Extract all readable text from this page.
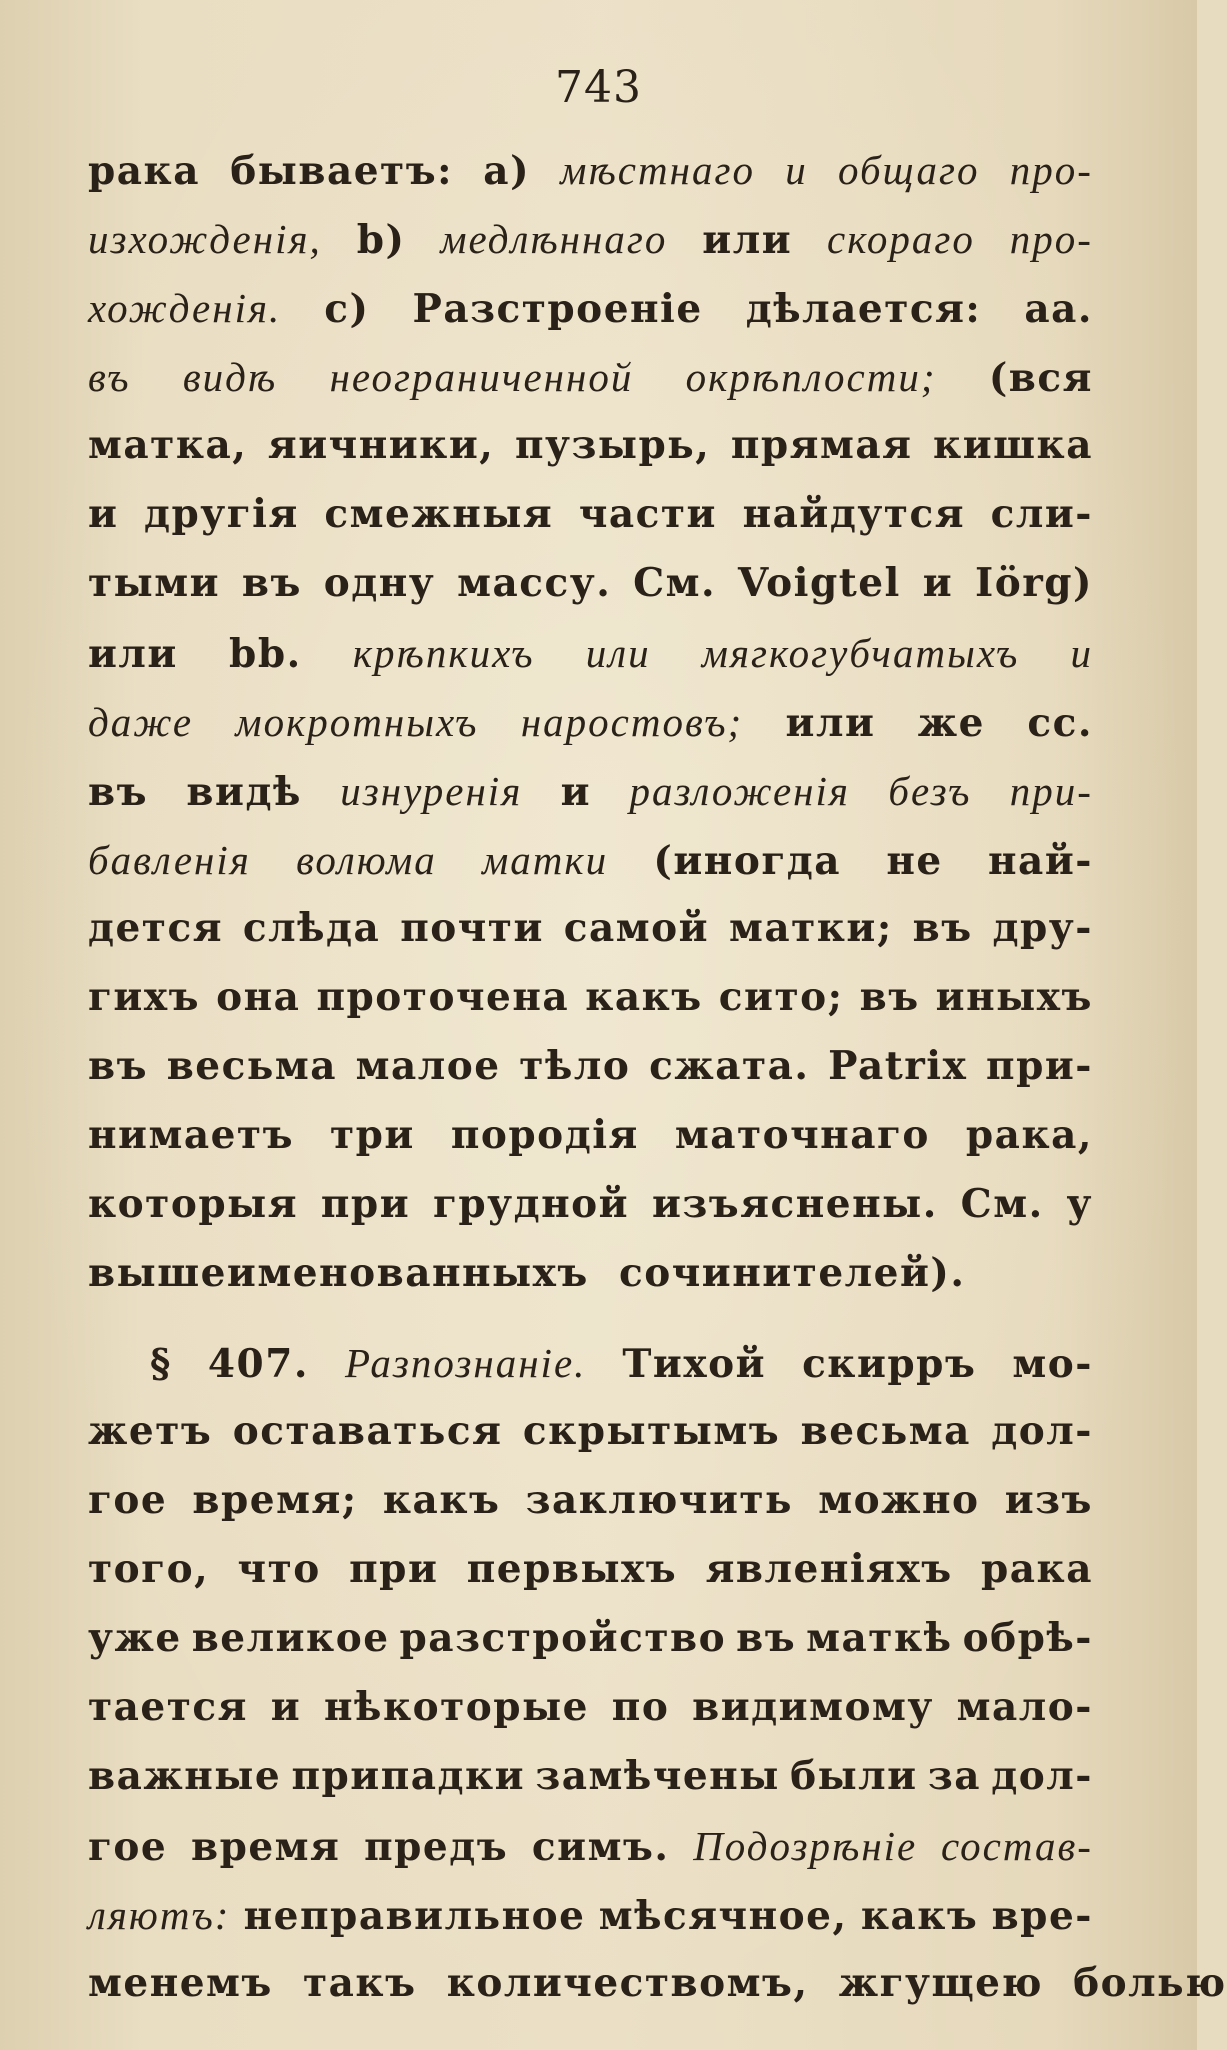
743
рака бываетъ: а) мѣстнаго и общаго про-
изхожденія, b) медлѣннаго или скораго про-
хожденія. с) Разстроеніе дѣлается: аа.
въ видѣ неограниченной окрѣплости; (вся
матка, яичники, пузырь, прямая кишка
и другія смежныя части найдутся сли-
тыми въ одну массу. См. Voigtel и Iörg)
или bb. крѣпкихъ или мягкогубчатыхъ и
даже мокротныхъ наростовъ; или же сс.
въ видѣ изнуренія и разложенія безъ при-
бавленія волюма матки (иногда не най-
дется слѣда почти самой матки; въ дру-
гихъ она проточена какъ сито; въ иныхъ
въ весьма малое тѣло сжата. Patrix при-
нимаетъ три породія маточнаго рака,
которыя при грудной изъяснены. См. у
вышеименованныхъ
сочинителей).
§ 407. Разпознаніе. Тихой скирръ мо-
жетъ оставаться скрытымъ весьма дол-
гое время; какъ заключить можно изъ
того, что при первыхъ явленіяхъ рака
уже великое разстройство въ маткѣ обрѣ-
тается и нѣкоторые по видимому мало-
важные припадки замѣчены были за дол-
гое время предъ симъ. Подозрѣніе состав-
ляютъ: неправильное мѣсячное, какъ вре-
менемъ
такъ
количествомъ,
жгущею
болью
